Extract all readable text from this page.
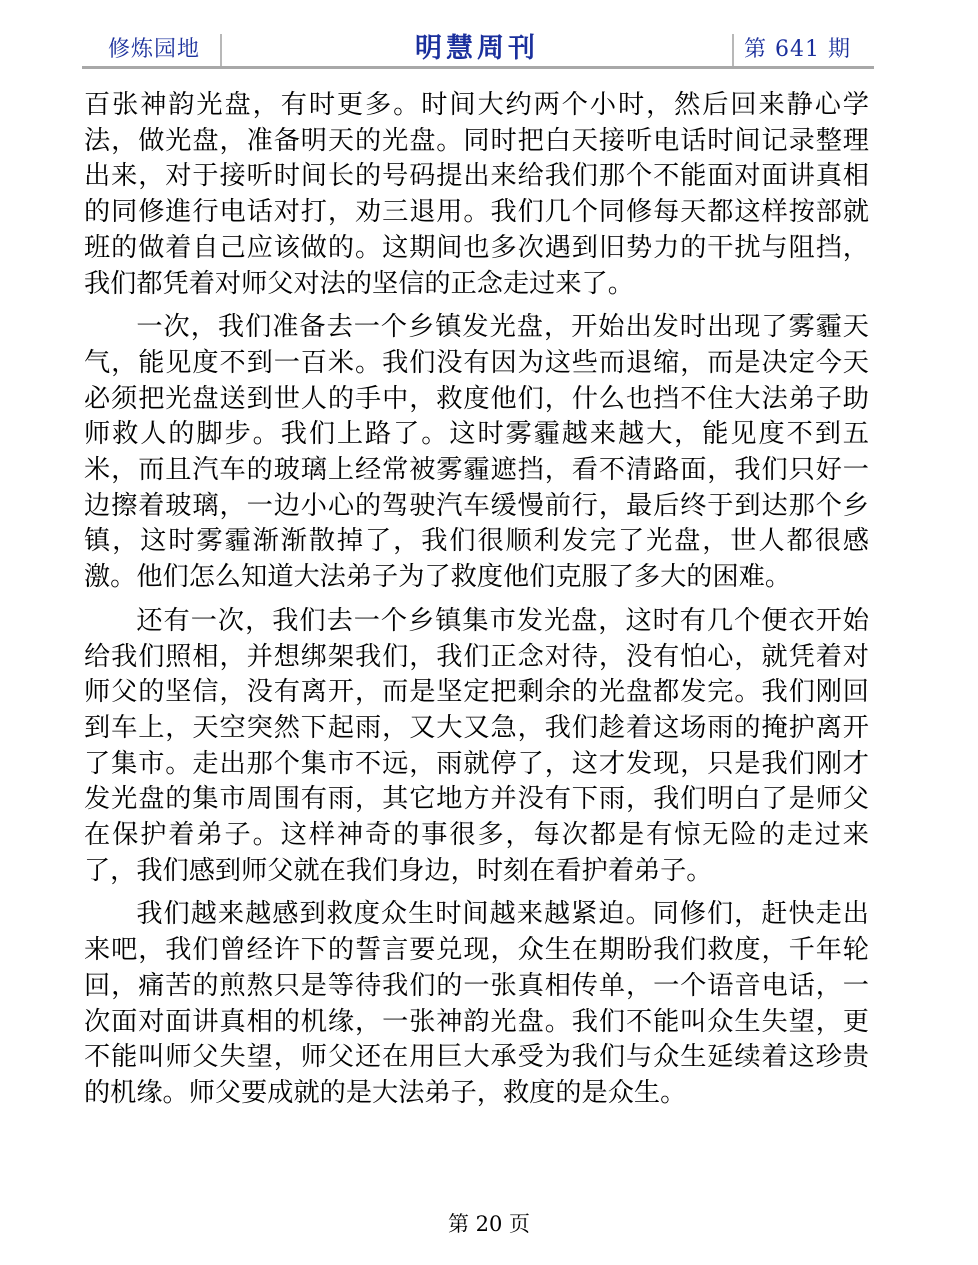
修炼园地	明慧周刊	第 641 期

百张神韵光盘，有时更多。时间大约两个小时，然后回来静心学法，做光盘，准备明天的光盘。同时把白天接听电话时间记录整理出来，对于接听时间长的号码提出来给我们那个不能面对面讲真相的同修進行电话对打，劝三退用。我们几个同修每天都这样按部就班的做着自己应该做的。这期间也多次遇到旧势力的干扰与阻挡，我们都凭着对师父对法的坚信的正念走过来了。

一次，我们准备去一个乡镇发光盘，开始出发时出现了雾霾天气，能见度不到一百米。我们没有因为这些而退缩，而是决定今天必须把光盘送到世人的手中，救度他们，什么也挡不住大法弟子助师救人的脚步。我们上路了。这时雾霾越来越大，能见度不到五米，而且汽车的玻璃上经常被雾霾遮挡，看不清路面，我们只好一边擦着玻璃，一边小心的驾驶汽车缓慢前行，最后终于到达那个乡镇，这时雾霾渐渐散掉了，我们很顺利发完了光盘，世人都很感激。他们怎么知道大法弟子为了救度他们克服了多大的困难。

还有一次，我们去一个乡镇集市发光盘，这时有几个便衣开始给我们照相，并想绑架我们，我们正念对待，没有怕心，就凭着对师父的坚信，没有离开，而是坚定把剩余的光盘都发完。我们刚回到车上，天空突然下起雨，又大又急，我们趁着这场雨的掩护离开了集市。走出那个集市不远，雨就停了，这才发现，只是我们刚才发光盘的集市周围有雨，其它地方并没有下雨，我们明白了是师父在保护着弟子。这样神奇的事很多，每次都是有惊无险的走过来了，我们感到师父就在我们身边，时刻在看护着弟子。

我们越来越感到救度众生时间越来越紧迫。同修们，赶快走出来吧，我们曾经许下的誓言要兑现，众生在期盼我们救度，千年轮回，痛苦的煎熬只是等待我们的一张真相传单，一个语音电话，一次面对面讲真相的机缘，一张神韵光盘。我们不能叫众生失望，更不能叫师父失望，师父还在用巨大承受为我们与众生延续着这珍贵的机缘。师父要成就的是大法弟子，救度的是众生。

第 20 页
